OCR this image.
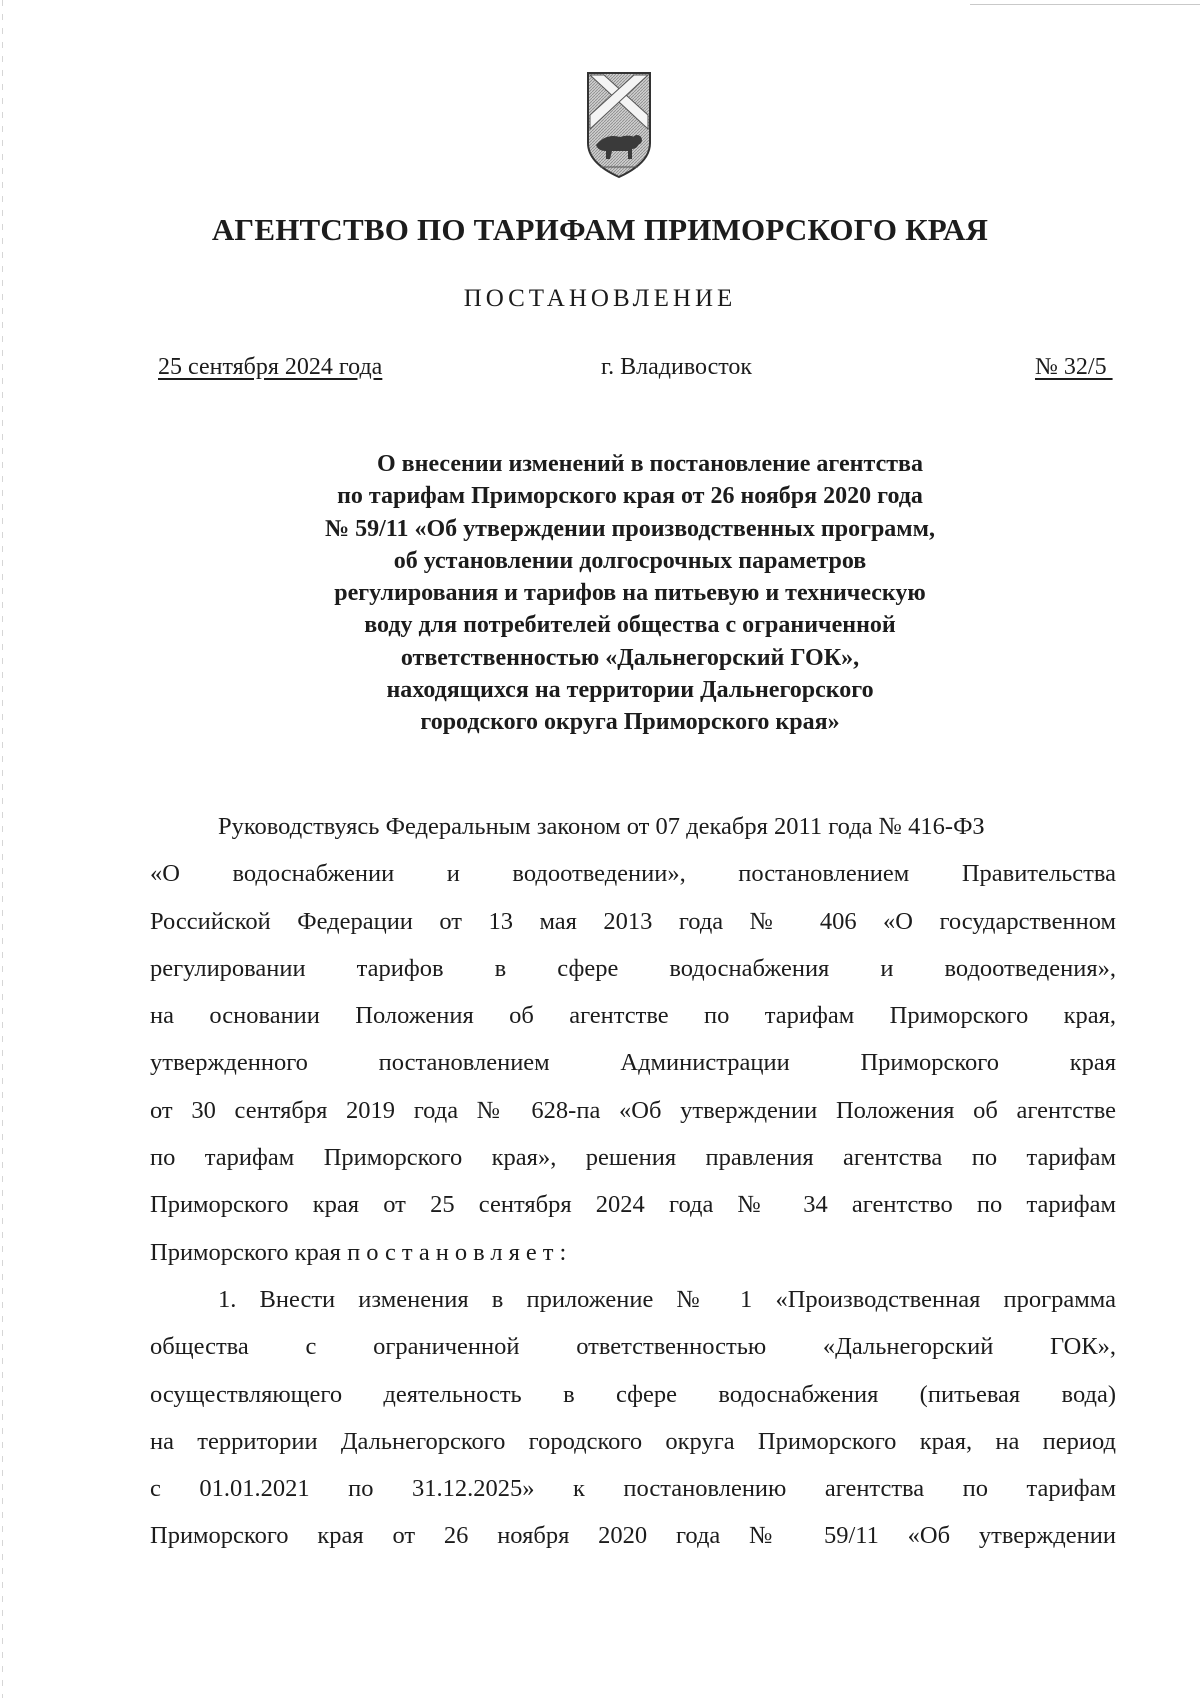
АГЕНТСТВО ПО ТАРИФАМ ПРИМОРСКОГО КРАЯ
ПОСТАНОВЛЕНИЕ
25 сентября 2024 года	г. Владивосток	№ 32/5
О внесении изменений в постановление агентства
по тарифам Приморского края от 26 ноября 2020 года
№ 59/11 «Об утверждении производственных программ,
об установлении долгосрочных параметров
регулирования и тарифов на питьевую и техническую
воду для потребителей общества с ограниченной
ответственностью «Дальнегорский ГОК»,
находящихся на территории Дальнегорского
городского округа Приморского края»
Руководствуясь Федеральным законом от 07 декабря 2011 года № 416-ФЗ
«О водоснабжении и водоотведении», постановлением Правительства
Российской Федерации от 13 мая 2013 года № 406 «О государственном
регулировании тарифов в сфере водоснабжения и водоотведения»,
на основании Положения об агентстве по тарифам Приморского края,
утвержденного постановлением Администрации Приморского края
от 30 сентября 2019 года № 628-па «Об утверждении Положения об агентстве
по тарифам Приморского края», решения правления агентства по тарифам
Приморского края от 25 сентября 2024 года № 34 агентство по тарифам
Приморского края постановляет:
1. Внести изменения в приложение № 1 «Производственная программа
общества с ограниченной ответственностью «Дальнегорский ГОК»,
осуществляющего деятельность в сфере водоснабжения (питьевая вода)
на территории Дальнегорского городского округа Приморского края, на период
с 01.01.2021 по 31.12.2025» к постановлению агентства по тарифам
Приморского края от 26 ноября 2020 года № 59/11 «Об утверждении
